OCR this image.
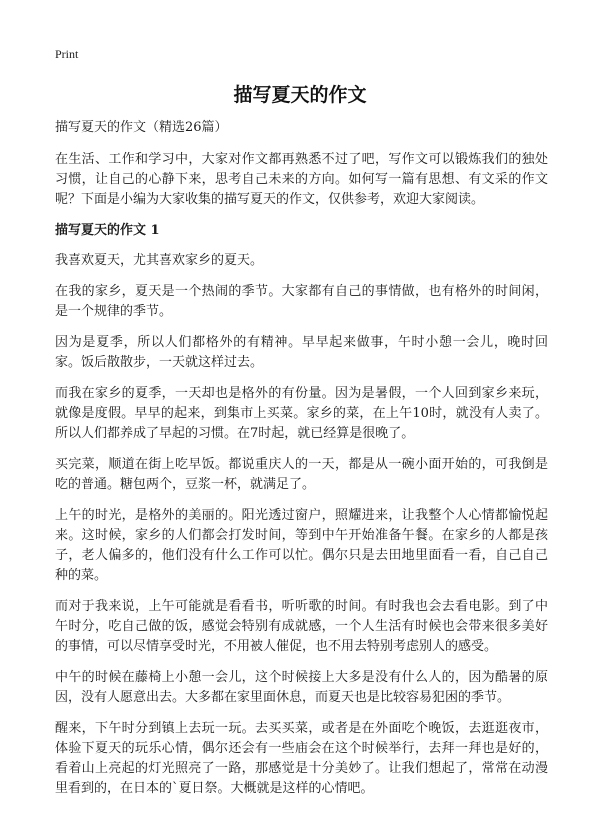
Print
描写夏天的作文

描写夏天的作文（精选26篇）

在生活、工作和学习中，大家对作文都再熟悉不过了吧，写作文可以锻炼我们的独处习惯，让自己的心静下来，思考自己未来的方向。如何写一篇有思想、有文采的作文呢？下面是小编为大家收集的描写夏天的作文，仅供参考，欢迎大家阅读。

描写夏天的作文 1

我喜欢夏天，尤其喜欢家乡的夏天。

在我的家乡，夏天是一个热闹的季节。大家都有自己的事情做，也有格外的时间闲，是一个规律的季节。

因为是夏季，所以人们都格外的有精神。早早起来做事，午时小憩一会儿，晚时回家。饭后散散步，一天就这样过去。

而我在家乡的夏季，一天却也是格外的有份量。因为是暑假，一个人回到家乡来玩，就像是度假。早早的起来，到集市上买菜。家乡的菜，在上午10时，就没有人卖了。所以人们都养成了早起的习惯。在7时起，就已经算是很晚了。

买完菜，顺道在街上吃早饭。都说重庆人的一天，都是从一碗小面开始的，可我倒是吃的普通。糖包两个，豆浆一杯，就满足了。

上午的时光，是格外的美丽的。阳光透过窗户，照耀进来，让我整个人心情都愉悦起来。这时候，家乡的人们都会打发时间，等到中午开始准备午餐。在家乡的人都是孩子，老人偏多的，他们没有什么工作可以忙。偶尔只是去田地里面看一看，自己自己种的菜。

而对于我来说，上午可能就是看看书，听听歌的时间。有时我也会去看电影。到了中午时分，吃自己做的饭，感觉会特别有成就感，一个人生活有时候也会带来很多美好的事情，可以尽情享受时光，不用被人催促，也不用去特别考虑别人的感受。

中午的时候在藤椅上小憩一会儿，这个时候接上大多是没有什么人的，因为酷暑的原因，没有人愿意出去。大多都在家里面休息，而夏天也是比较容易犯困的季节。

醒来，下午时分到镇上去玩一玩。去买买菜，或者是在外面吃个晚饭，去逛逛夜市，体验下夏天的玩乐心情，偶尔还会有一些庙会在这个时候举行，去拜一拜也是好的，看着山上亮起的灯光照亮了一路，那感觉是十分美妙了。让我们想起了，常常在动漫里看到的，在日本的`夏日祭。大概就是这样的心情吧。
